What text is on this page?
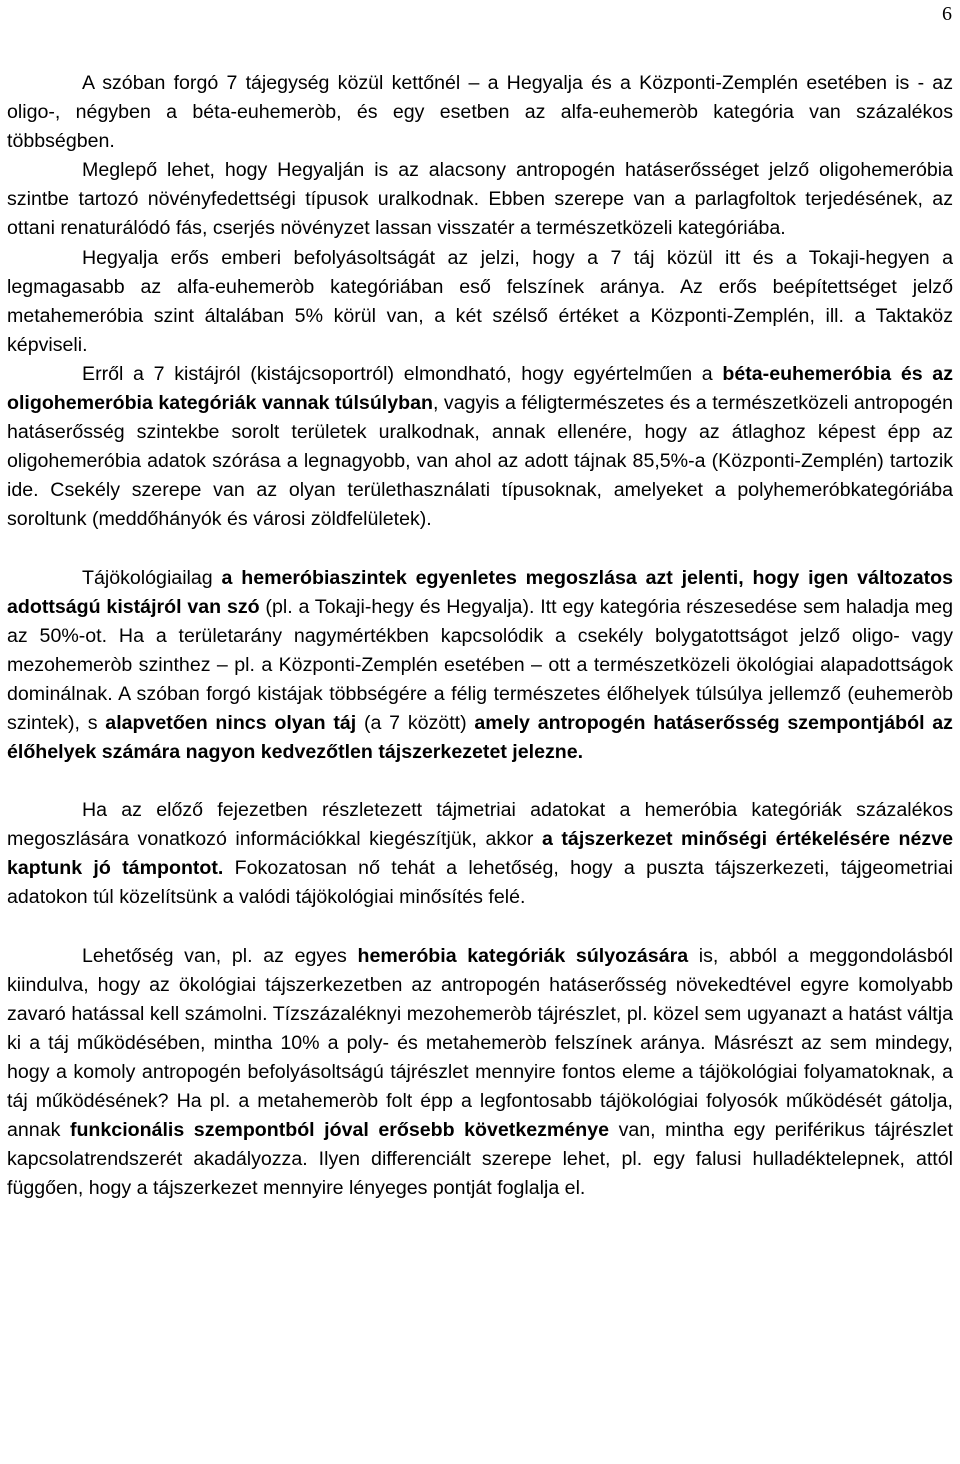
6

A szóban forgó 7 tájegység közül kettőnél – a Hegyalja és a Központi-Zemplén esetében is - az oligo-, négyben a béta-euhemeròb, és egy esetben az alfa-euhemeròb kategória van százalékos többségben.

Meglepő lehet, hogy Hegyalján is az alacsony antropogén hatáserősséget jelző oligohemeróbia szintbe tartozó növényfedettségi típusok uralkodnak. Ebben szerepe van a parlagfoltok terjedésének, az ottani renaturálódó fás, cserjés növényzet lassan visszatér a természetközeli kategóriába.

Hegyalja erős emberi befolyásoltságát az jelzi, hogy a 7 táj közül itt és a Tokaji-hegyen a legmagasabb az alfa-euhemeròb kategóriában eső felszínek aránya. Az erős beépítettséget jelző metahemeróbia szint általában 5% körül van, a két szélső értéket a Központi-Zemplén, ill. a Taktaköz képviseli.

Erről a 7 kistájról (kistájcsoportról) elmondható, hogy egyértelműen a béta-euhemeróbia és az oligohemeróbia kategóriák vannak túlsúlyban, vagyis a féligtermészetes és a természetközeli antropogén hatáserősség szintekbe sorolt területek uralkodnak, annak ellenére, hogy az átlaghoz képest épp az oligohemeróbia adatok szórása a legnagyobb, van ahol az adott tájnak 85,5%-a (Központi-Zemplén) tartozik ide. Csekély szerepe van az olyan területhasználati típusoknak, amelyeket a polyhemeróbkategóriába soroltunk (meddőhányók és városi zöldfelületek).

Tájökológiailag a hemeróbiaszintek egyenletes megoszlása azt jelenti, hogy igen változatos adottságú kistájról van szó (pl. a Tokaji-hegy és Hegyalja). Itt egy kategória részesedése sem haladja meg az 50%-ot. Ha a területarány nagymértékben kapcsolódik a csekély bolygatottságot jelző oligo- vagy mezohemeròb szinthez – pl. a Központi-Zemplén esetében – ott a természetközeli ökológiai alapadottságok dominálnak. A szóban forgó kistájak többségére a félig természetes élőhelyek túlsúlya jellemző (euhemeròb szintek), s alapvetően nincs olyan táj (a 7 között) amely antropogén hatáserősség szempontjából az élőhelyek számára nagyon kedvezőtlen tájszerkezetet jelezne.

Ha az előző fejezetben részletezett tájmetriai adatokat a hemeróbia kategóriák százalékos megoszlására vonatkozó információkkal kiegészítjük, akkor a tájszerkezet minőségi értékelésére nézve kaptunk jó támpontot. Fokozatosan nő tehát a lehetőség, hogy a puszta tájszerkezeti, tájgeometriai adatokon túl közelítsünk a valódi tájökológiai minősítés felé.

Lehetőség van, pl. az egyes hemeróbia kategóriák súlyozására is, abból a meggondolásból kiindulva, hogy az ökológiai tájszerkezetben az antropogén hatáserősség növekedtével egyre komolyabb zavaró hatással kell számolni. Tízszázaléknyi mezohemeròb tájrészlet, pl. közel sem ugyanazt a hatást váltja ki a táj működésében, mintha 10% a poly- és metahemeròb felszínek aránya. Másrészt az sem mindegy, hogy a komoly antropogén befolyásoltságú tájrészlet mennyire fontos eleme a tájökológiai folyamatoknak, a táj működésének? Ha pl. a metahemeròb folt épp a legfontosabb tájökológiai folyosók működését gátolja, annak funkcionális szempontból jóval erősebb következménye van, mintha egy periférikus tájrészlet kapcsolatrendszerét akadályozza. Ilyen differenciált szerepe lehet, pl. egy falusi hulladéktelepnek, attól függően, hogy a tájszerkezet mennyire lényeges pontját foglalja el.
